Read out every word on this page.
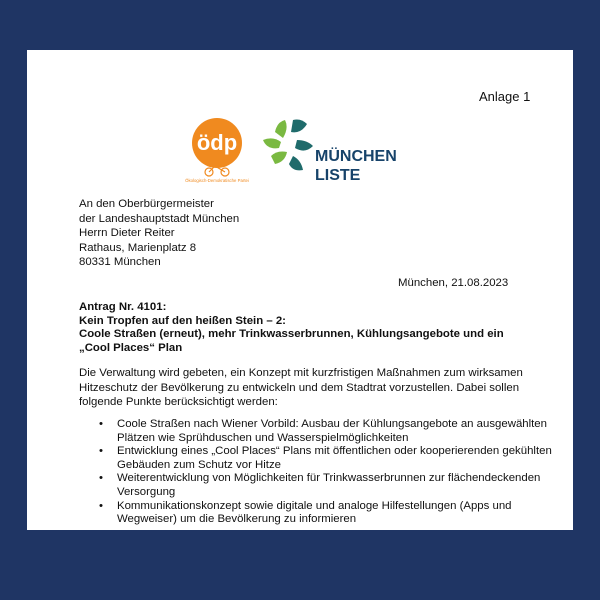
Anlage 1
ödp
Ökologisch-Demokratische Partei
MÜNCHEN
LISTE
An den Oberbürgermeister
der Landeshauptstadt München
Herrn Dieter Reiter
Rathaus, Marienplatz 8
80331 München
München, 21.08.2023
Antrag Nr. 4101:
Kein Tropfen auf den heißen Stein – 2:
Coole Straßen (erneut), mehr Trinkwasserbrunnen, Kühlungsangebote und ein
„Cool Places“ Plan
Die Verwaltung wird gebeten, ein Konzept mit kurzfristigen Maßnahmen zum wirksamen Hitzeschutz der Bevölkerung zu entwickeln und dem Stadtrat vorzustellen. Dabei sollen folgende Punkte berücksichtigt werden:
• Coole Straßen nach Wiener Vorbild: Ausbau der Kühlungsangebote an ausgewählten Plätzen wie Sprühduschen und Wasserspielmöglichkeiten
• Entwicklung eines „Cool Places“ Plans mit öffentlichen oder kooperierenden gekühlten Gebäuden zum Schutz vor Hitze
• Weiterentwicklung von Möglichkeiten für Trinkwasserbrunnen zur flächendeckenden Versorgung
• Kommunikationskonzept sowie digitale und analoge Hilfestellungen (Apps und Wegweiser) um die Bevölkerung zu informieren
